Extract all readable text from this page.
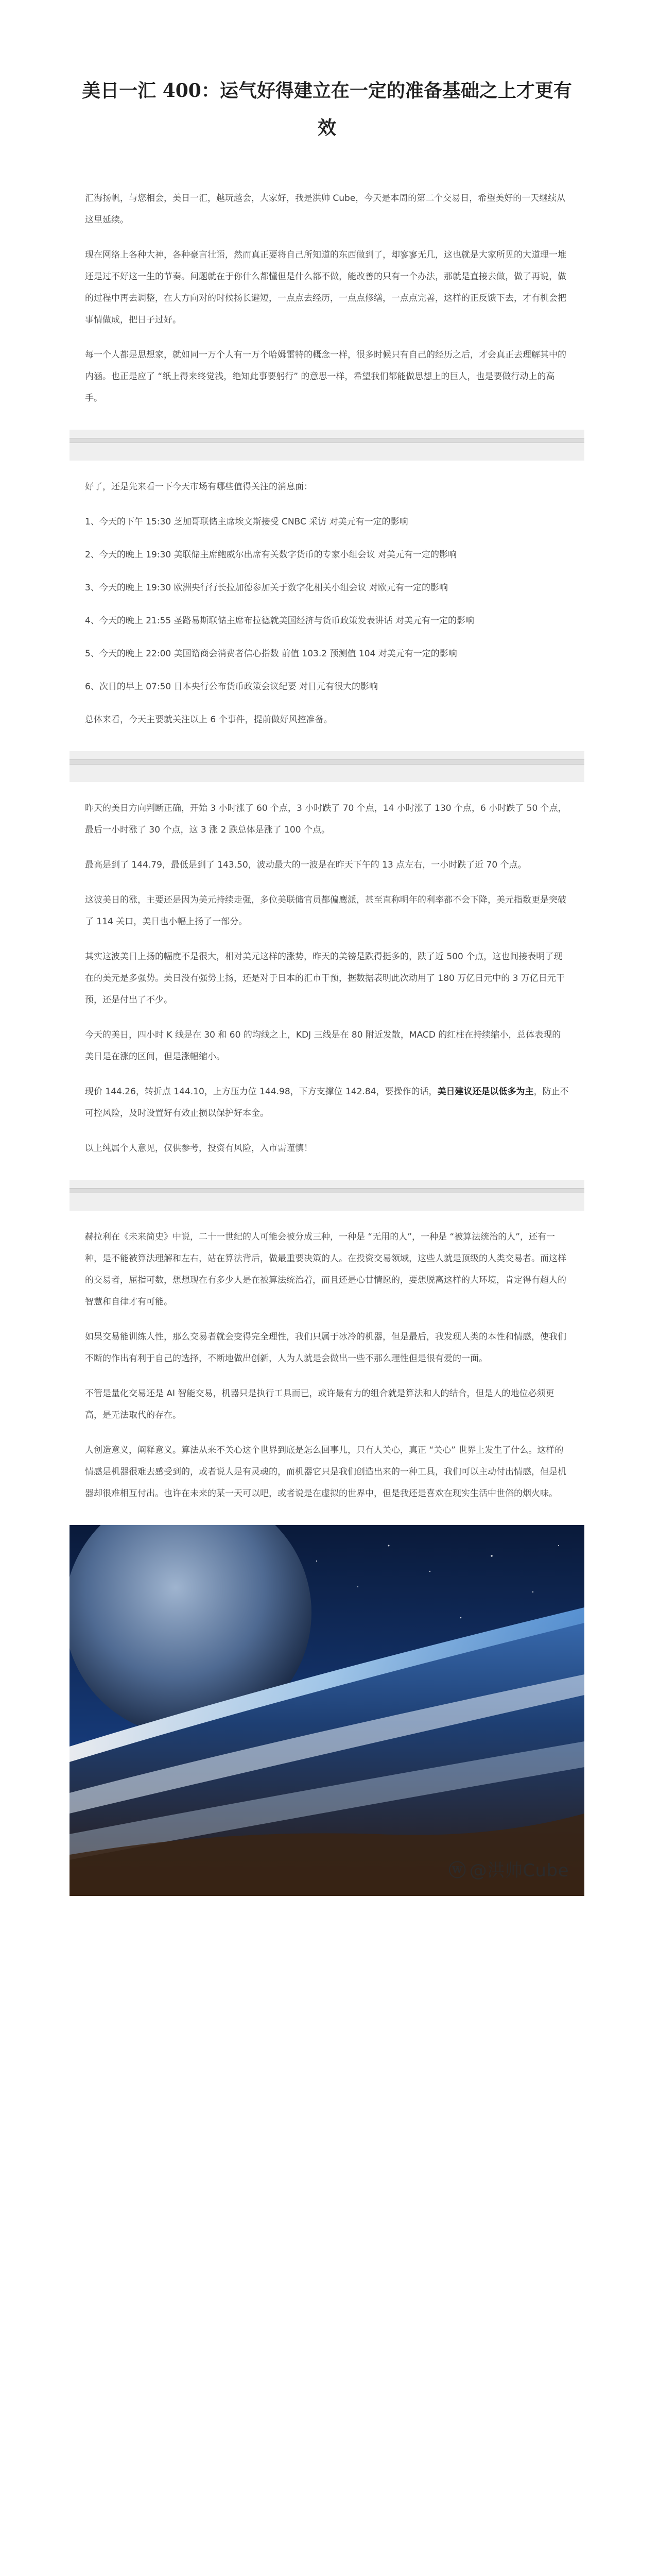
美日一汇 400：运气好得建立在一定的准备基础之上才更有效

汇海扬帆，与您相会，美日一汇，越玩越会，大家好，我是洪帅 Cube，今天是本周的第二个交易日，希望美好的一天继续从这里延续。

现在网络上各种大神，各种豪言壮语，然而真正要将自己所知道的东西做到了，却寥寥无几，这也就是大家所见的大道理一堆还是过不好这一生的节奏。问题就在于你什么都懂但是什么都不做，能改善的只有一个办法，那就是直接去做，做了再说，做的过程中再去调整，在大方向对的时候扬长避短，一点点去经历，一点点修缮，一点点完善，这样的正反馈下去，才有机会把事情做成，把日子过好。

每一个人都是思想家，就如同一万个人有一万个哈姆雷特的概念一样，很多时候只有自己的经历之后，才会真正去理解其中的内涵。也正是应了 “纸上得来终觉浅，绝知此事要躬行” 的意思一样，希望我们都能做思想上的巨人，也是要做行动上的高手。

好了，还是先来看一下今天市场有哪些值得关注的消息面：

1、今天的下午 15:30 芝加哥联储主席埃文斯接受 CNBC 采访 对美元有一定的影响

2、今天的晚上 19:30 美联储主席鲍威尔出席有关数字货币的专家小组会议 对美元有一定的影响

3、今天的晚上 19:30 欧洲央行行长拉加德参加关于数字化相关小组会议 对欧元有一定的影响

4、今天的晚上 21:55 圣路易斯联储主席布拉德就美国经济与货币政策发表讲话 对美元有一定的影响

5、今天的晚上 22:00 美国谘商会消费者信心指数 前值 103.2 预测值 104 对美元有一定的影响

6、次日的早上 07:50 日本央行公布货币政策会议纪要 对日元有很大的影响

总体来看，今天主要就关注以上 6 个事件，提前做好风控准备。

昨天的美日方向判断正确，开始 3 小时涨了 60 个点，3 小时跌了 70 个点，14 小时涨了 130 个点，6 小时跌了 50 个点，最后一小时涨了 30 个点，这 3 涨 2 跌总体是涨了 100 个点。

最高是到了 144.79，最低是到了 143.50，波动最大的一波是在昨天下午的 13 点左右，一小时跌了近 70 个点。

这波美日的涨，主要还是因为美元持续走强，多位美联储官员都偏鹰派，甚至直称明年的利率都不会下降，美元指数更是突破了 114 关口，美日也小幅上扬了一部分。

其实这波美日上扬的幅度不是很大，相对美元这样的涨势，昨天的美镑是跌得挺多的，跌了近 500 个点，这也间接表明了现在的美元是多强势。美日没有强势上扬，还是对于日本的汇市干预，据数据表明此次动用了 180 万亿日元中的 3 万亿日元干预，还是付出了不少。

今天的美日，四小时 K 线是在 30 和 60 的均线之上，KDJ 三线是在 80 附近发散，MACD 的红柱在持续缩小，总体表现的美日是在涨的区间，但是涨幅缩小。

现价 144.26，转折点 144.10，上方压力位 144.98，下方支撑位 142.84，要操作的话，美日建议还是以低多为主，防止不可控风险，及时设置好有效止损以保护好本金。

以上纯属个人意见，仅供参考，投资有风险，入市需谨慎！

赫拉利在《未来简史》中说，二十一世纪的人可能会被分成三种，一种是 “无用的人”，一种是 “被算法统治的人”，还有一种，是不能被算法理解和左右，站在算法背后，做最重要决策的人。在投资交易领域，这些人就是顶级的人类交易者。而这样的交易者，屈指可数，想想现在有多少人是在被算法统治着，而且还是心甘情愿的，要想脱离这样的大环境，肯定得有超人的智慧和自律才有可能。

如果交易能训练人性，那么交易者就会变得完全理性，我们只属于冰冷的机器，但是最后，我发现人类的本性和情感，使我们不断的作出有利于自己的选择，不断地做出创新，人为人就是会做出一些不那么理性但是很有爱的一面。

不管是量化交易还是 AI 智能交易，机器只是执行工具而已，或许最有力的组合就是算法和人的结合，但是人的地位必须更高，是无法取代的存在。

人创造意义，阐释意义。算法从来不关心这个世界到底是怎么回事儿，只有人关心，真正 “关心” 世界上发生了什么。这样的情感是机器很难去感受到的，或者说人是有灵魂的，而机器它只是我们创造出来的一种工具，我们可以主动付出情感，但是机器却很难相互付出。也许在未来的某一天可以吧，或者说是在虚拟的世界中，但是我还是喜欢在现实生活中世俗的烟火味。

ⓦ @洪帅Cube
